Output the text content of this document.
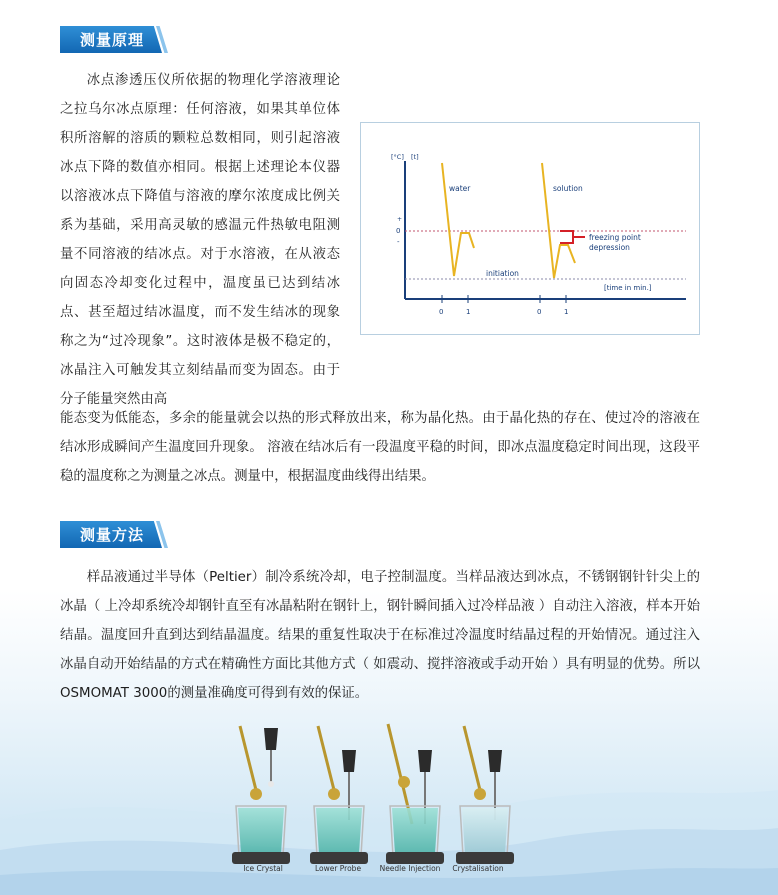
测量原理

冰点渗透压仪所依据的物理化学溶液理论之拉乌尔冰点原理：任何溶液，如果其单位体积所溶解的溶质的颗粒总数相同，则引起溶液冰点下降的数值亦相同。根据上述理论本仪器以溶液冰点下降值与溶液的摩尔浓度成比例关系为基础，采用高灵敏的感温元件热敏电阻测量不同溶液的结冰点。对于水溶液，在从液态向固态冷却变化过程中，温度虽已达到结冰点、甚至超过结冰温度，而不发生结冰的现象称之为“过冷现象”。这时液体是极不稳定的，冰晶注入可触发其立刻结晶而变为固态。由于分子能量突然由高

能态变为低能态，多余的能量就会以热的形式释放出来，称为晶化热。由于晶化热的存在、使过冷的溶液在结冰形成瞬间产生温度回升现象。 溶液在结冰后有一段温度平稳的时间，即冰点温度稳定时间出现，这段平稳的温度称之为测量之冰点。测量中，根据温度曲线得出结果。

[°C] [t]
+
0
-
0	1	0	1
[time in min.]
water	solution
freezing point
depression
initiation
测量方法

样品液通过半导体（Peltier）制冷系统冷却，电子控制温度。当样品液达到冰点，不锈钢钢针针尖上的冰晶（ 上冷却系统冷却钢针直至有冰晶粘附在钢针上，钢针瞬间插入过冷样品液 ）自动注入溶液，样本开始结晶。温度回升直到达到结晶温度。结果的重复性取决于在标准过冷温度时结晶过程的开始情况。通过注入冰晶自动开始结晶的方式在精确性方面比其他方式（ 如震动、搅拌溶液或手动开始 ）具有明显的优势。所以OSMOMAT 3000的测量准确度可得到有效的保证。

Ice Crystal	Lower Probe Needle Injection Crystalisation
